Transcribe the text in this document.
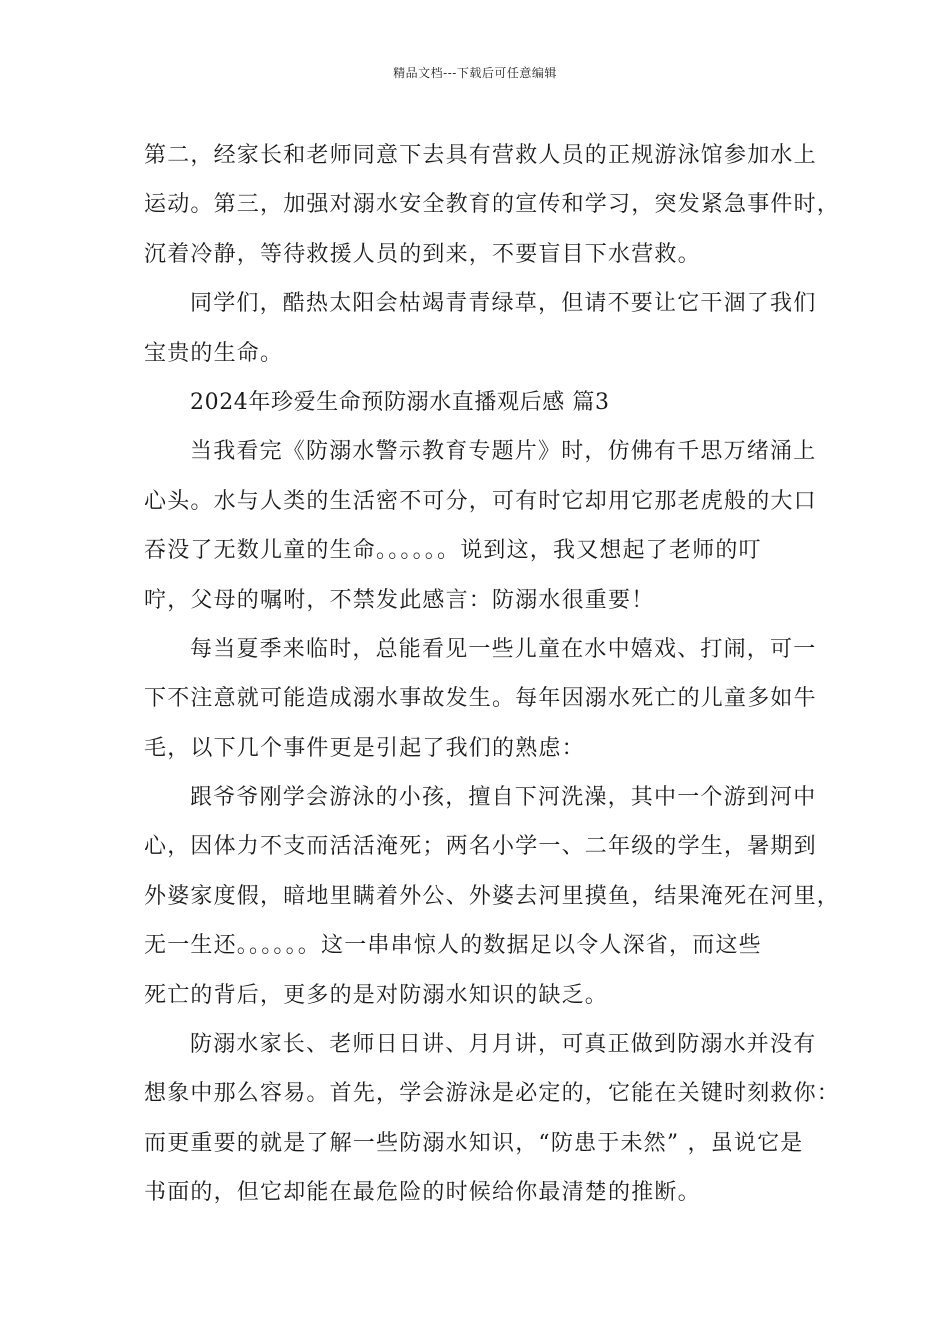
精品文档---下载后可任意编辑
第二，经家长和老师同意下去具有营救人员的正规游泳馆参加水上
运动。第三，加强对溺水安全教育的宣传和学习，突发紧急事件时，
沉着冷静，等待救援人员的到来，不要盲目下水营救。
同学们，酷热太阳会枯竭青青绿草，但请不要让它干涸了我们
宝贵的生命。
2024年珍爱生命预防溺水直播观后感 篇3
当我看完《防溺水警示教育专题片》时，仿佛有千思万绪涌上
心头。水与人类的生活密不可分，可有时它却用它那老虎般的大口
吞没了无数儿童的生命。。。。。。说到这，我又想起了老师的叮
咛，父母的嘱咐，不禁发此感言：防溺水很重要！
每当夏季来临时，总能看见一些儿童在水中嬉戏、打闹，可一
下不注意就可能造成溺水事故发生。每年因溺水死亡的儿童多如牛
毛，以下几个事件更是引起了我们的熟虑：
跟爷爷刚学会游泳的小孩，擅自下河洗澡，其中一个游到河中
心，因体力不支而活活淹死；两名小学一、二年级的学生，暑期到
外婆家度假，暗地里瞒着外公、外婆去河里摸鱼，结果淹死在河里，
无一生还。。。。。。这一串串惊人的数据足以令人深省，而这些
死亡的背后，更多的是对防溺水知识的缺乏。
防溺水家长、老师日日讲、月月讲，可真正做到防溺水并没有
想象中那么容易。首先，学会游泳是必定的，它能在关键时刻救你：
而更重要的就是了解一些防溺水知识，“防患于未然” ，虽说它是
书面的，但它却能在最危险的时候给你最清楚的推断。
